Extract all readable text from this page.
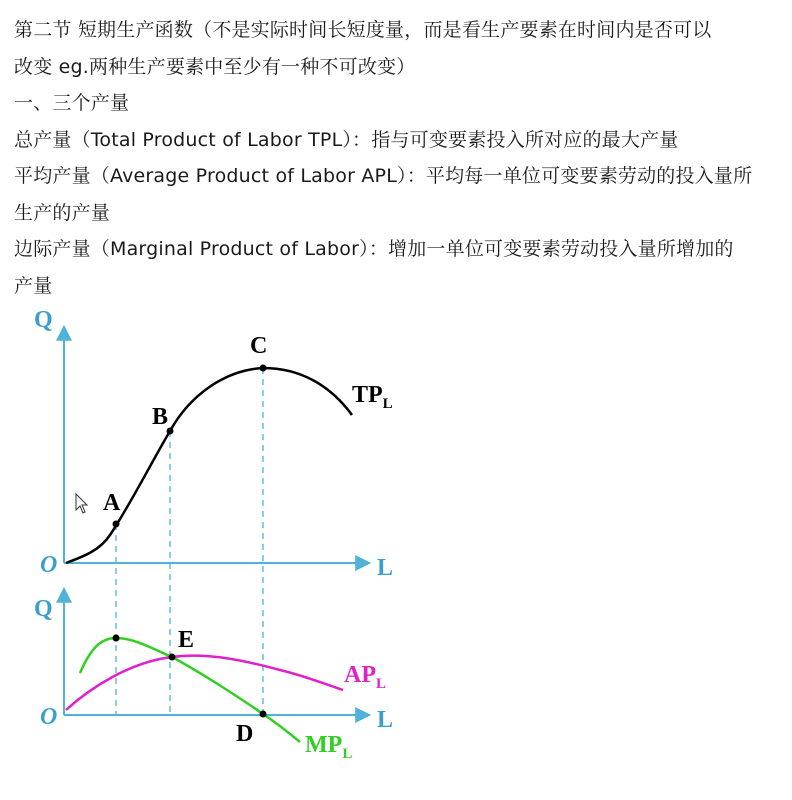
第二节 短期生产函数（不是实际时间长短度量，而是看生产要素在时间内是否可以
改变 eg.两种生产要素中至少有一种不可改变）
一、三个产量
总产量（Total Product of Labor TPL）：指与可变要素投入所对应的最大产量
平均产量（Average Product of Labor APL）：平均每一单位可变要素劳动的投入量所
生产的产量
边际产量（Marginal Product of Labor）：增加一单位可变要素劳动投入量所增加的
产量
Q
L
O
A
B
C
$TP_L$
Q
L
O
E
D
$AP_L$
$MP_L$
